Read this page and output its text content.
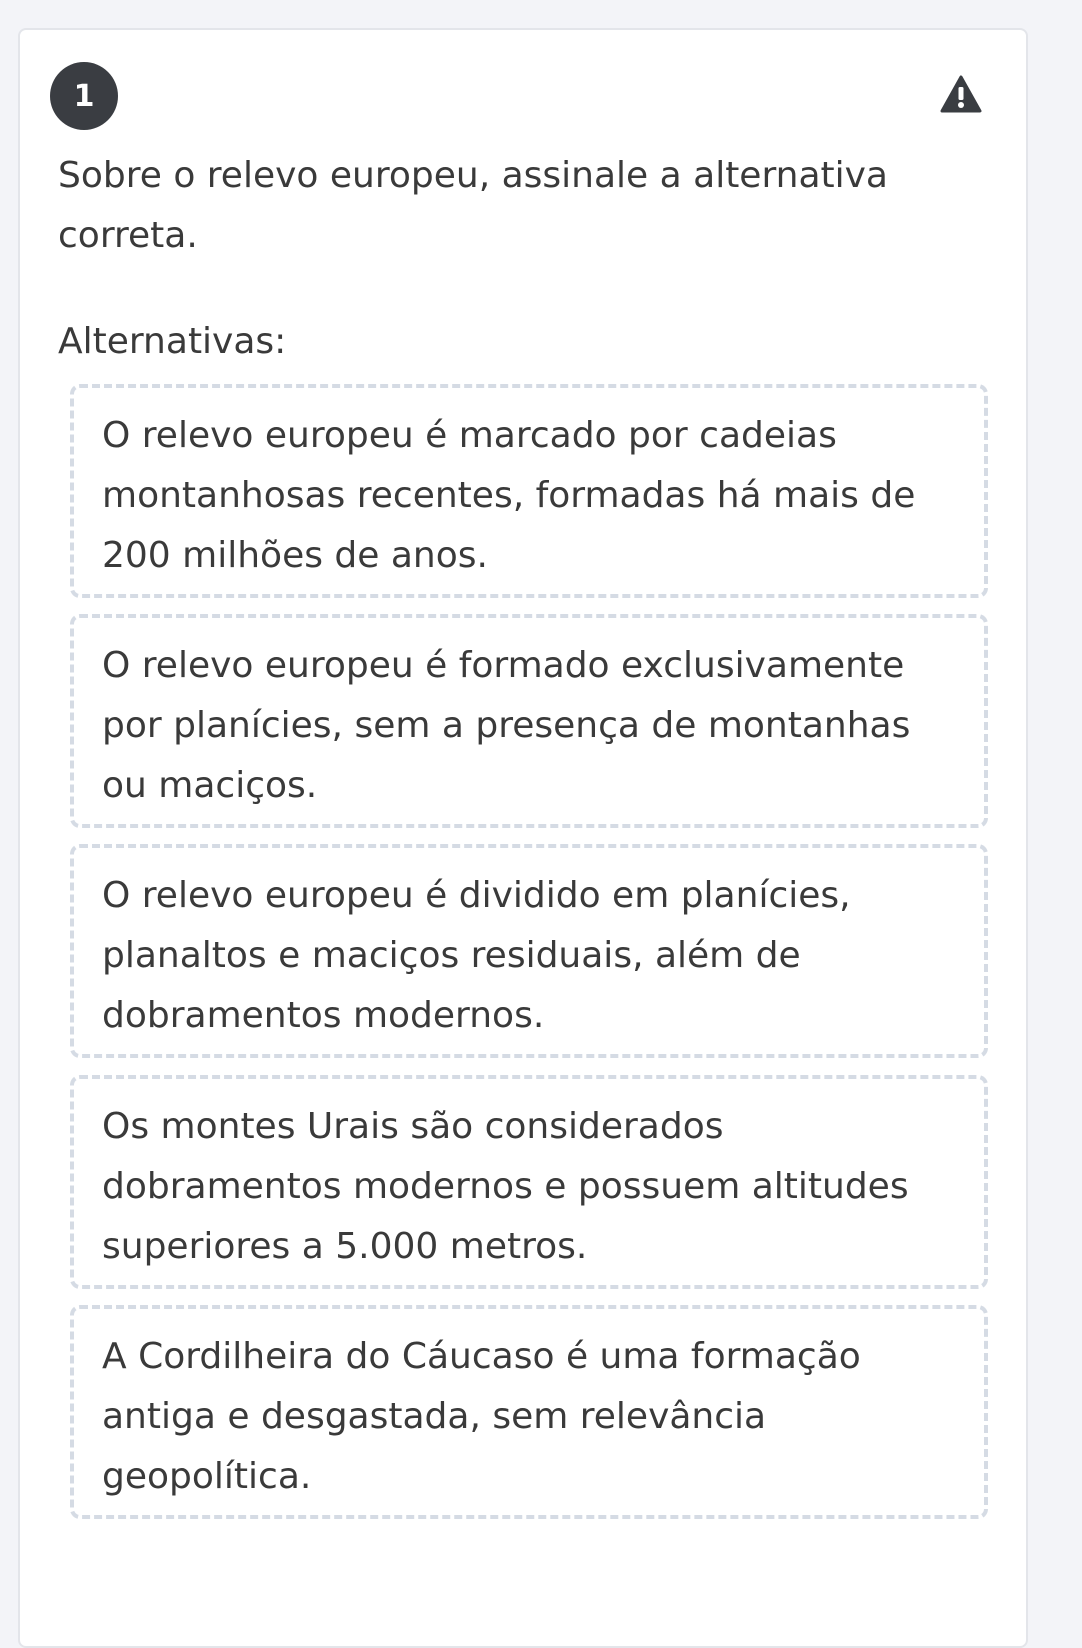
1
Sobre o relevo europeu, assinale a alternativa correta.
Alternativas:
O relevo europeu é marcado por cadeias montanhosas recentes, formadas há mais de 200 milhões de anos.
O relevo europeu é formado exclusivamente por planícies, sem a presença de montanhas ou maciços.
O relevo europeu é dividido em planícies, planaltos e maciços residuais, além de dobramentos modernos.
Os montes Urais são considerados dobramentos modernos e possuem altitudes superiores a 5.000 metros.
A Cordilheira do Cáucaso é uma formação antiga e desgastada, sem relevância geopolítica.
